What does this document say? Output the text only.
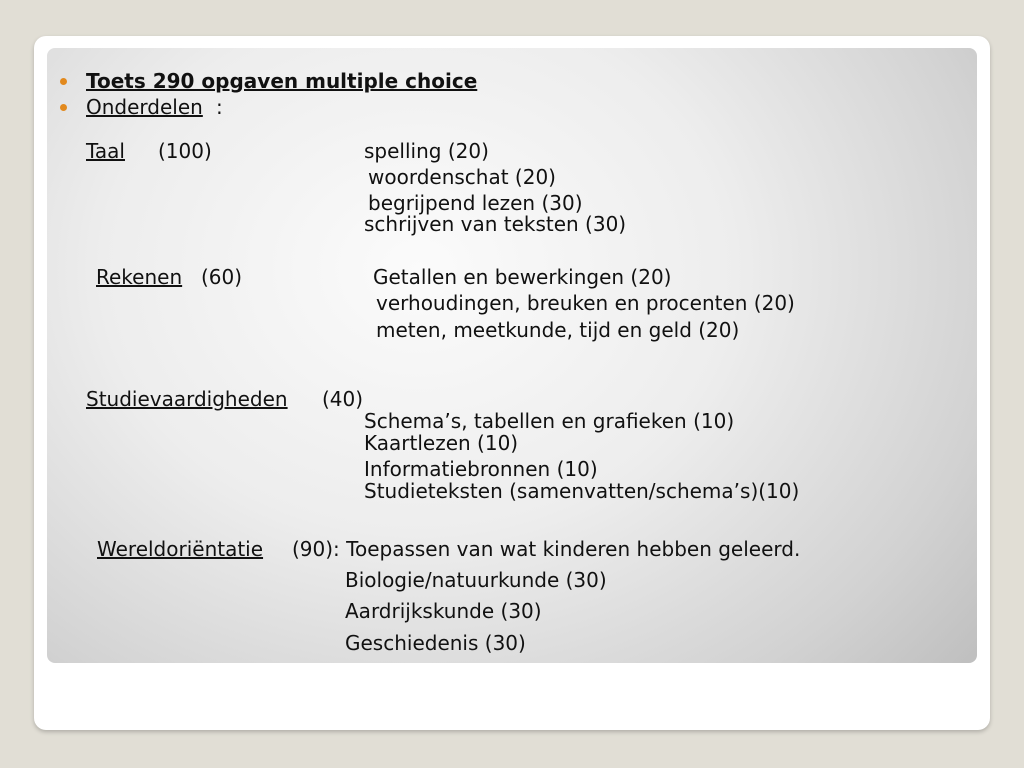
Toets 290 opgaven multiple choice
Onderdelen :
Taal (100)	spelling (20)
woordenschat (20)
begrijpend lezen (30)
schrijven van teksten (30)
Rekenen (60)	Getallen en bewerkingen (20)
verhoudingen, breuken en procenten (20)
meten, meetkunde, tijd en geld (20)
Studievaardigheden (40)
Schema’s, tabellen en grafieken (10)
Kaartlezen (10)
Informatiebronnen (10)
Studieteksten (samenvatten/schema’s)(10)
Wereldoriëntatie (90): Toepassen van wat kinderen hebben geleerd.
Biologie/natuurkunde (30)
Aardrijkskunde (30)
Geschiedenis (30)
